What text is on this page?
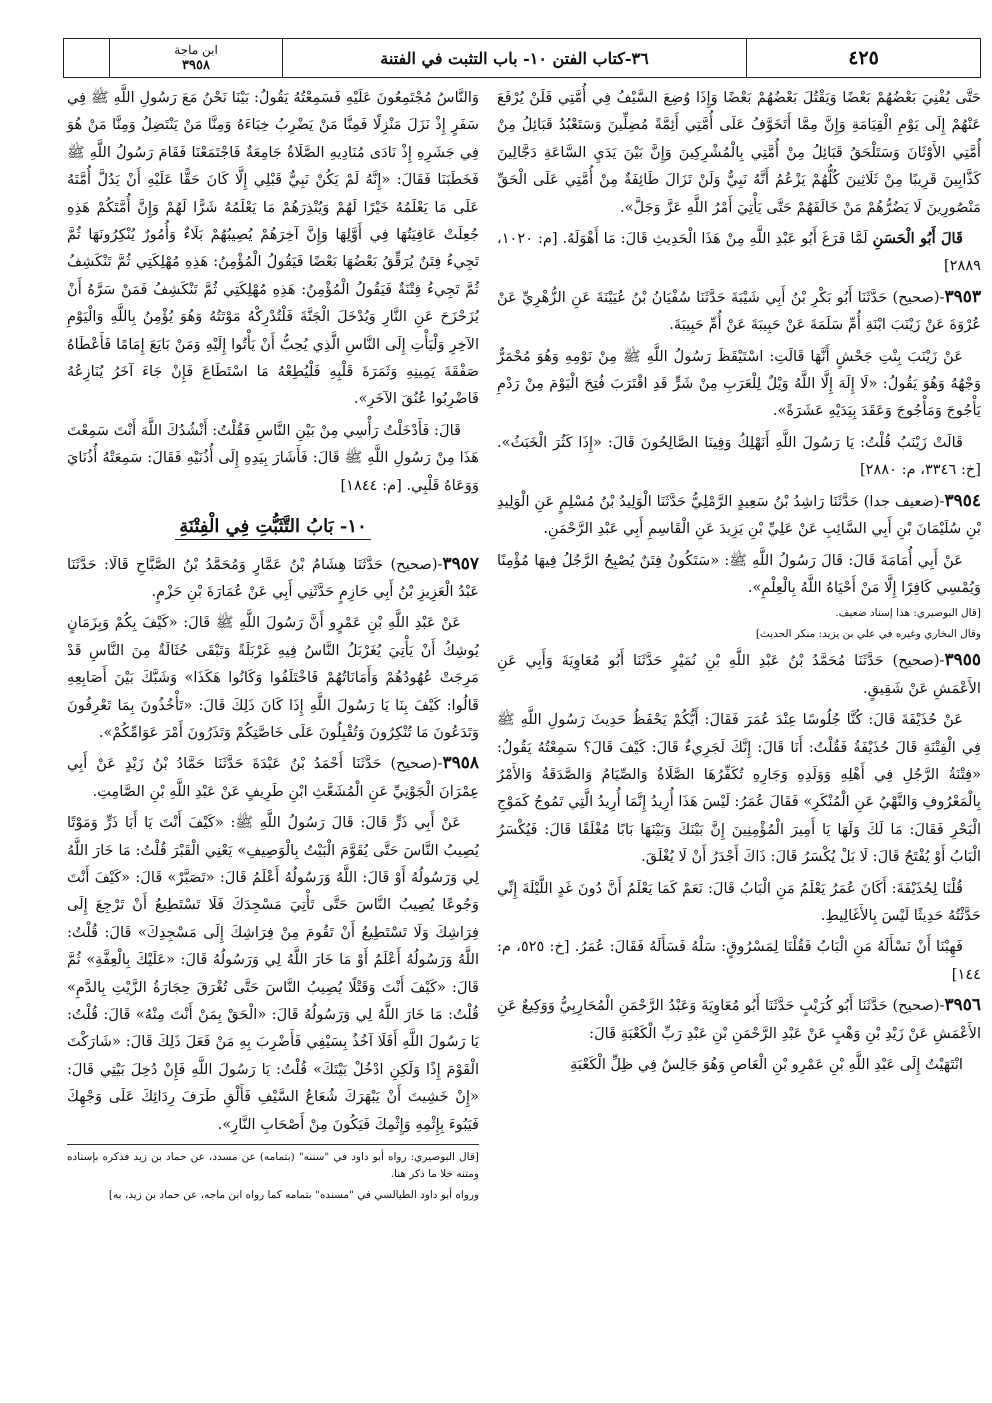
٤٢٥
٣٦-كتاب الفتن ١٠- باب التثبت في الفتنة
ابن ماجة
٣٩٥٨

حَتَّى يُفْنِيَ بَعْضُهُمْ بَعْضًا وَيَقْتُلَ بَعْضُهُمْ بَعْضًا وَإِذَا وُضِعَ السَّيْفُ فِي أُمَّتِي فَلَنْ يُرْفَعَ عَنْهُمْ إِلَى يَوْمِ الْقِيَامَةِ وَإِنَّ مِمَّا أَتَخَوَّفُ عَلَى أُمَّتِي أَئِمَّةً مُضِلِّينَ وَسَتَعْبُدُ قَبَائِلُ مِنْ أُمَّتِي الأَوْثَانَ وَسَتَلْحَقُ قَبَائِلُ مِنْ أُمَّتِي بِالْمُشْرِكِينَ وَإِنَّ بَيْنَ يَدَيِ السَّاعَةِ دَجَّالِينَ كَذَّابِينَ قَرِيبًا مِنْ ثَلَاثِينَ كُلُّهُمْ يَزْعُمُ أَنَّهُ نَبِيٌّ وَلَنْ تَزَالَ طَائِفَةٌ مِنْ أُمَّتِي عَلَى الْحَقِّ مَنْصُورِينَ لَا يَضُرُّهُمْ مَنْ خَالَفَهُمْ حَتَّى يَأْتِيَ أَمْرُ اللَّهِ عَزَّ وَجَلَّ».

قَالَ أَبُو الْحَسَنِ لَمَّا فَرَغَ أَبُو عَبْدِ اللَّهِ مِنْ هَذَا الْحَدِيثِ قَالَ: مَا أَهْوَلَهُ. [م: ١٠٢٠، ٢٨٨٩]

٣٩٥٣-(صحيح) حَدَّثَنَا أَبُو بَكْرِ بْنُ أَبِي شَيْبَةَ حَدَّثَنَا سُفْيَانُ بْنُ عُيَيْنَةَ عَنِ الزُّهْرِيِّ عَنْ عُرْوَةَ عَنْ زَيْنَبَ ابْنَةِ أُمِّ سَلَمَةَ عَنْ حَبِيبَةَ عَنْ أُمِّ حَبِيبَةَ.

عَنْ زَيْنَبَ بِنْتِ جَحْشٍ أَنَّهَا قَالَتِ: اسْتَيْقَظَ رَسُولُ اللَّهِ ﷺ مِنْ نَوْمِهِ وَهُوَ مُحْمَرٌّ وَجْهُهُ وَهُوَ يَقُولُ: «لَا إِلَهَ إِلَّا اللَّهُ وَيْلٌ لِلْعَرَبِ مِنْ شَرٍّ قَدِ اقْتَرَبَ فُتِحَ الْيَوْمَ مِنْ رَدْمِ يَأْجُوجَ وَمَأْجُوجَ وَعَقَدَ بِيَدَيْهِ عَشَرَةً».

قَالَتْ زَيْنَبُ قُلْتُ: يَا رَسُولَ اللَّهِ أَنَهْلِكُ وَفِينَا الصَّالِحُونَ قَالَ: «إِذَا كَثُرَ الْخَبَثُ». [خ: ٣٣٤٦، م: ٢٨٨٠]

٣٩٥٤-(ضعيف جدا) حَدَّثَنَا رَاشِدُ بْنُ سَعِيدٍ الرَّمْلِيُّ حَدَّثَنَا الْوَلِيدُ بْنُ مُسْلِمٍ عَنِ الْوَلِيدِ بْنِ سُلَيْمَانَ بْنِ أَبِي السَّائِبِ عَنْ عَلِيِّ بْنِ يَزِيدَ عَنِ الْقَاسِمِ أَبِي عَبْدِ الرَّحْمَنِ.

عَنْ أَبِي أُمَامَةَ قَالَ: قَالَ رَسُولُ اللَّهِ ﷺ: «سَتَكُونُ فِتَنٌ يُصْبِحُ الرَّجُلُ فِيهَا مُؤْمِنًا وَيُمْسِي كَافِرًا إِلَّا مَنْ أَحْيَاهُ اللَّهُ بِالْعِلْمِ».

[قال البوصيري: هذا إسناد ضعيف.

وقال البخاري وغيره في علي بن يزيد: منكر الحديث]

٣٩٥٥-(صحيح) حَدَّثَنَا مُحَمَّدُ بْنُ عَبْدِ اللَّهِ بْنِ نُمَيْرٍ حَدَّثَنَا أَبُو مُعَاوِيَةَ وَأَبِي عَنِ الأَعْمَشِ عَنْ شَقِيقٍ.

عَنْ حُذَيْفَةَ قَالَ: كُنَّا جُلُوسًا عِنْدَ عُمَرَ فَقَالَ: أَيُّكُمْ يَحْفَظُ حَدِيثَ رَسُولِ اللَّهِ ﷺ فِي الْفِتْنَةِ قَالَ حُذَيْفَةُ فَقُلْتُ: أَنَا قَالَ: إِنَّكَ لَجَرِيءٌ قَالَ: كَيْفَ قَالَ؟ سَمِعْتُهُ يَقُولُ: «فِتْنَةُ الرَّجُلِ فِي أَهْلِهِ وَوَلَدِهِ وَجَارِهِ تُكَفِّرُهَا الصَّلَاةُ وَالصِّيَامُ وَالصَّدَقَةُ وَالأَمْرُ بِالْمَعْرُوفِ وَالنَّهْيُ عَنِ الْمُنْكَرِ» فَقَالَ عُمَرُ: لَيْسَ هَذَا أُرِيدُ إِنَّمَا أُرِيدُ الَّتِي تَمُوجُ كَمَوْجِ الْبَحْرِ فَقَالَ: مَا لَكَ وَلَهَا يَا أَمِيرَ الْمُؤْمِنِينَ إِنَّ بَيْنَكَ وَبَيْنَهَا بَابًا مُغْلَقًا قَالَ: فَيُكْسَرُ الْبَابُ أَوْ يُفْتَحُ قَالَ: لَا بَلْ يُكْسَرُ قَالَ: ذَاكَ أَجْدَرُ أَنْ لَا يُغْلَقَ.

قُلْنَا لِحُذَيْفَةَ: أَكَانَ عُمَرُ يَعْلَمُ مَنِ الْبَابُ قَالَ: نَعَمْ كَمَا يَعْلَمُ أَنَّ دُونَ غَدٍ اللَّيْلَةَ إِنِّي حَدَّثْتُهُ حَدِيثًا لَيْسَ بِالأَغَالِيطِ.

فَهِبْنَا أَنْ نَسْأَلَهُ مَنِ الْبَابُ فَقُلْنَا لِمَسْرُوقٍ: سَلْهُ فَسَأَلَهُ فَقَالَ: عُمَرُ. [خ: ٥٢٥، م: ١٤٤]

٣٩٥٦-(صحيح) حَدَّثَنَا أَبُو كُرَيْبٍ حَدَّثَنَا أَبُو مُعَاوِيَةَ وَعَبْدُ الرَّحْمَنِ الْمُحَارِبِيُّ وَوَكِيعٌ عَنِ الأَعْمَشِ عَنْ زَيْدِ بْنِ وَهْبٍ عَنْ عَبْدِ الرَّحْمَنِ بْنِ عَبْدِ رَبِّ الْكَعْبَةِ قَالَ:

انْتَهَيْتُ إِلَى عَبْدِ اللَّهِ بْنِ عَمْرِو بْنِ الْعَاصِ وَهُوَ جَالِسٌ فِي ظِلِّ الْكَعْبَةِ

وَالنَّاسُ مُجْتَمِعُونَ عَلَيْهِ فَسَمِعْتُهُ يَقُولُ: بَيْنَا نَحْنُ مَعَ رَسُولِ اللَّهِ ﷺ فِي سَفَرٍ إِذْ نَزَلَ مَنْزِلًا فَمِنَّا مَنْ يَضْرِبُ خِبَاءَهُ وَمِنَّا مَنْ يَنْتَضِلُ وَمِنَّا مَنْ هُوَ فِي جَشَرِهِ إِذْ نَادَى مُنَادِيهِ الصَّلَاةُ جَامِعَةٌ فَاجْتَمَعْنَا فَقَامَ رَسُولُ اللَّهِ ﷺ فَخَطَبَنَا فَقَالَ: «إِنَّهُ لَمْ يَكُنْ نَبِيٌّ قَبْلِي إِلَّا كَانَ حَقًّا عَلَيْهِ أَنْ يَدُلَّ أُمَّتَهُ عَلَى مَا يَعْلَمُهُ خَيْرًا لَهُمْ وَيُنْذِرَهُمْ مَا يَعْلَمُهُ شَرًّا لَهُمْ وَإِنَّ أُمَّتَكُمْ هَذِهِ جُعِلَتْ عَافِيَتُهَا فِي أَوَّلِهَا وَإِنَّ آخِرَهُمْ يُصِيبُهُمْ بَلَاءٌ وَأُمُورٌ يُنْكِرُونَهَا ثُمَّ تَجِيءُ فِتَنٌ يُرَقِّقُ بَعْضُهَا بَعْضًا فَيَقُولُ الْمُؤْمِنُ: هَذِهِ مُهْلِكَتِي ثُمَّ تَنْكَشِفُ ثُمَّ تَجِيءُ فِتْنَةٌ فَيَقُولُ الْمُؤْمِنُ: هَذِهِ مُهْلِكَتِي ثُمَّ تَنْكَشِفُ فَمَنْ سَرَّهُ أَنْ يُزَحْزَحَ عَنِ النَّارِ وَيُدْخَلَ الْجَنَّةَ فَلْتُدْرِكْهُ مَوْتَتُهُ وَهُوَ يُؤْمِنُ بِاللَّهِ وَالْيَوْمِ الآخِرِ وَلْيَأْتِ إِلَى النَّاسِ الَّذِي يُحِبُّ أَنْ يَأْتُوا إِلَيْهِ وَمَنْ بَايَعَ إِمَامًا فَأَعْطَاهُ صَفْقَةَ يَمِينِهِ وَثَمَرَةَ قَلْبِهِ فَلْيُطِعْهُ مَا اسْتَطَاعَ فَإِنْ جَاءَ آخَرُ يُنَازِعُهُ فَاضْرِبُوا عُنُقَ الآخَرِ».

قَالَ: فَأَدْخَلْتُ رَأْسِي مِنْ بَيْنِ النَّاسِ فَقُلْتُ: أَنْشُدُكَ اللَّهَ أَنْتَ سَمِعْتَ هَذَا مِنْ رَسُولِ اللَّهِ ﷺ قَالَ: فَأَشَارَ بِيَدِهِ إِلَى أُذُنَيْهِ فَقَالَ: سَمِعَتْهُ أُذُنَايَ وَوَعَاهُ قَلْبِي. [م: ١٨٤٤]

١٠- بَابُ التَّثَبُّتِ فِي الْفِتْنَةِ

٣٩٥٧-(صحيح) حَدَّثَنَا هِشَامُ بْنُ عَمَّارٍ وَمُحَمَّدُ بْنُ الصَّبَّاحِ قَالَا: حَدَّثَنَا عَبْدُ الْعَزِيزِ بْنُ أَبِي حَازِمٍ حَدَّثَنِي أَبِي عَنْ عُمَارَةَ بْنِ حَزْمٍ.

عَنْ عَبْدِ اللَّهِ بْنِ عَمْرٍو أَنَّ رَسُولَ اللَّهِ ﷺ قَالَ: «كَيْفَ بِكُمْ وَبِزَمَانٍ يُوشِكُ أَنْ يَأْتِيَ يُغَرْبَلُ النَّاسُ فِيهِ غَرْبَلَةً وَتَبْقَى حُثَالَةٌ مِنَ النَّاسِ قَدْ مَرِجَتْ عُهُودُهُمْ وَأَمَانَاتُهُمْ فَاخْتَلَفُوا وَكَانُوا هَكَذَا» وَشَبَّكَ بَيْنَ أَصَابِعِهِ قَالُوا: كَيْفَ بِنَا يَا رَسُولَ اللَّهِ إِذَا كَانَ ذَلِكَ قَالَ: «تَأْخُذُونَ بِمَا تَعْرِفُونَ وَتَدَعُونَ مَا تُنْكِرُونَ وَتُقْبِلُونَ عَلَى خَاصَّتِكُمْ وَتَذَرُونَ أَمْرَ عَوَامِّكُمْ».

٣٩٥٨-(صحيح) حَدَّثَنَا أَحْمَدُ بْنُ عَبْدَةَ حَدَّثَنَا حَمَّادُ بْنُ زَيْدٍ عَنْ أَبِي عِمْرَانَ الْجَوْنِيِّ عَنِ الْمُشَعَّثِ ابْنِ طَرِيفٍ عَنْ عَبْدِ اللَّهِ بْنِ الصَّامِتِ.

عَنْ أَبِي ذَرٍّ قَالَ: قَالَ رَسُولُ اللَّهِ ﷺ: «كَيْفَ أَنْتَ يَا أَبَا ذَرٍّ وَمَوْتًا يُصِيبُ النَّاسَ حَتَّى يُقَوَّمَ الْبَيْتُ بِالْوَصِيفِ» يَعْنِي الْقَبْرَ قُلْتُ: مَا خَارَ اللَّهُ لِي وَرَسُولُهُ أَوْ قَالَ: اللَّهُ وَرَسُولُهُ أَعْلَمُ قَالَ: «تَصَبَّرْ» قَالَ: «كَيْفَ أَنْتَ وَجُوعًا يُصِيبُ النَّاسَ حَتَّى تَأْتِيَ مَسْجِدَكَ فَلَا تَسْتَطِيعُ أَنْ تَرْجِعَ إِلَى فِرَاشِكَ وَلَا تَسْتَطِيعُ أَنْ تَقُومَ مِنْ فِرَاشِكَ إِلَى مَسْجِدِكَ» قَالَ: قُلْتُ: اللَّهُ وَرَسُولُهُ أَعْلَمُ أَوْ مَا خَارَ اللَّهُ لِي وَرَسُولُهُ قَالَ: «عَلَيْكَ بِالْعِفَّةِ» ثُمَّ قَالَ: «كَيْفَ أَنْتَ وَقَتْلًا يُصِيبُ النَّاسَ حَتَّى تُغْرَقَ حِجَارَةُ الزَّيْتِ بِالدَّمِ» قُلْتُ: مَا خَارَ اللَّهُ لِي وَرَسُولُهُ قَالَ: «الْحَقْ بِمَنْ أَنْتَ مِنْهُ» قَالَ: قُلْتُ: يَا رَسُولَ اللَّهِ أَفَلَا آخُذُ بِسَيْفِي فَأَضْرِبَ بِهِ مَنْ فَعَلَ ذَلِكَ قَالَ: «شَارَكْتَ الْقَوْمَ إِذًا وَلَكِنِ ادْخُلْ بَيْتَكَ» قُلْتُ: يَا رَسُولَ اللَّهِ فَإِنْ دُخِلَ بَيْتِي قَالَ: «إِنْ خَشِيتَ أَنْ يَبْهَرَكَ شُعَاعُ السَّيْفِ فَأَلْقِ طَرَفَ رِدَائِكَ عَلَى وَجْهِكَ فَيَبُوءَ بِإِثْمِهِ وَإِثْمِكَ فَيَكُونَ مِنْ أَصْحَابِ النَّارِ».

[قال البوصيري: رواه أبو داود في "سننه" (بتمامه) عن مسدد، عن حماد بن زيد فذكره بإسناده ومتنه خلا ما ذكر هنا.

ورواه أبو داود الطيالسي في "مسنده" بتمامه كما رواه ابن ماجه، عن حماد بن زيد، به]
